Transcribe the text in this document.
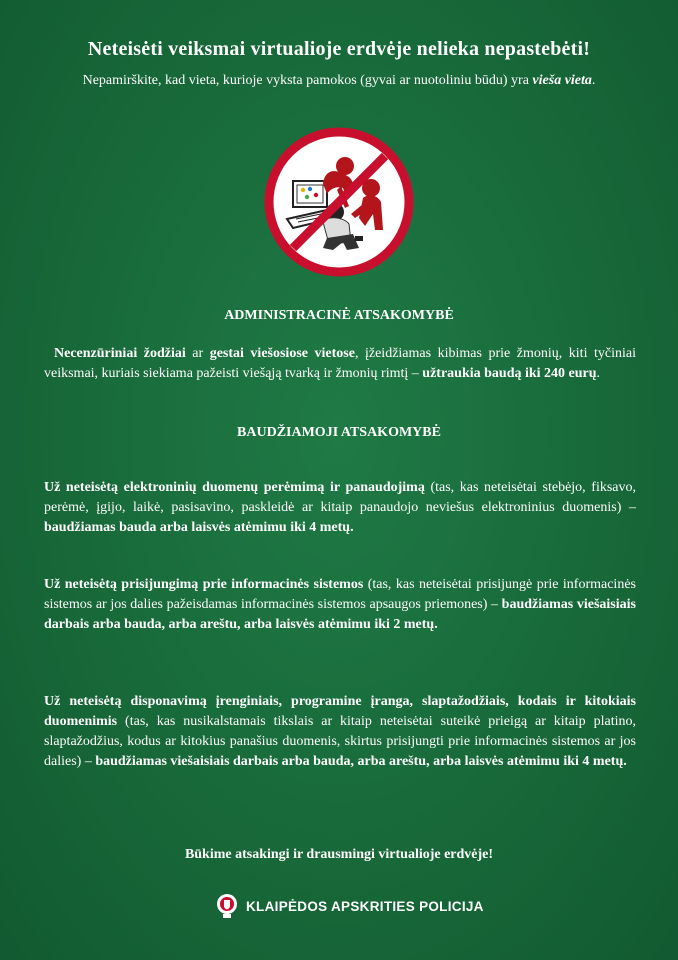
Neteisėti veiksmai virtualioje erdvėje nelieka nepastebėti!
Nepamirškite, kad vieta, kurioje vyksta pamokos (gyvai ar nuotoliniu būdu) yra vieša vieta.
ADMINISTRACINĖ ATSAKOMYBĖ
Necenzūriniai žodžiai ar gestai viešosiose vietose, įžeidžiamas kibimas prie žmonių, kiti tyčiniai veiksmai, kuriais siekiama pažeisti viešąją tvarką ir žmonių rimtį – užtraukia baudą iki 240 eurų.
BAUDŽIAMOJI ATSAKOMYBĖ
Už neteisėtą elektroninių duomenų perėmimą ir panaudojimą (tas, kas neteisėtai stebėjo, fiksavo, perėmė, įgijo, laikė, pasisavino, paskleidė ar kitaip panaudojo neviešus elektroninius duomenis) – baudžiamas bauda arba laisvės atėmimu iki 4 metų.
Už neteisėtą prisijungimą prie informacinės sistemos (tas, kas neteisėtai prisijungė prie informacinės sistemos ar jos dalies pažeisdamas informacinės sistemos apsaugos priemones) – baudžiamas viešaisiais darbais arba bauda, arba areštu, arba laisvės atėmimu iki 2 metų.
Už neteisėtą disponavimą įrenginiais, programine įranga, slaptažodžiais, kodais ir kitokiais duomenimis (tas, kas nusikalstamais tikslais ar kitaip neteisėtai suteikė prieigą ar kitaip platino, slaptažodžius, kodus ar kitokius panašius duomenis, skirtus prisijungti prie informacinės sistemos ar jos dalies) – baudžiamas viešaisiais darbais arba bauda, arba areštu, arba laisvės atėmimu iki 4 metų.
Būkime atsakingi ir drausmingi virtualioje erdvėje!
KLAIPĖDOS APSKRITIES POLICIJA
